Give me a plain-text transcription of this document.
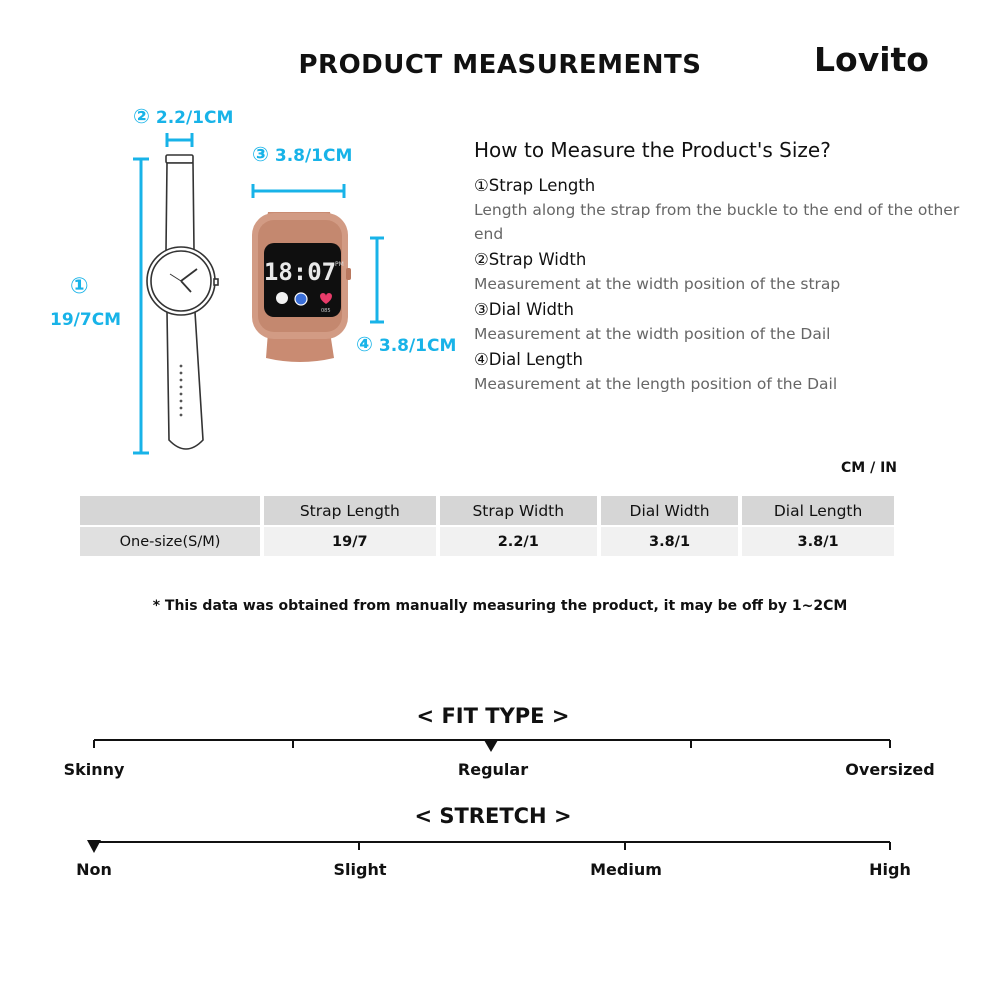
PRODUCT MEASUREMENTS	Lovito
② 2.2/1CM
③ 3.8/1CM
①
19/7CM
④ 3.8/1CM
18:07
PM
085
How to Measure the Product's Size?
①Strap Length
Length along the strap from the buckle to the end of the other end
②Strap Width
Measurement at the width position of the strap
③Dial Width
Measurement at the width position of the Dail
④Dial Length
Measurement at the length position of the Dail
CM / IN
	Strap Length	Strap Width	Dial Width	Dial Length
One-size(S/M)	19/7	2.2/1	3.8/1	3.8/1
* This data was obtained from manually measuring the product, it may be off by 1~2CM
< FIT TYPE >
Skinny	Regular	Oversized
< STRETCH >
Non	Slight	Medium	High
